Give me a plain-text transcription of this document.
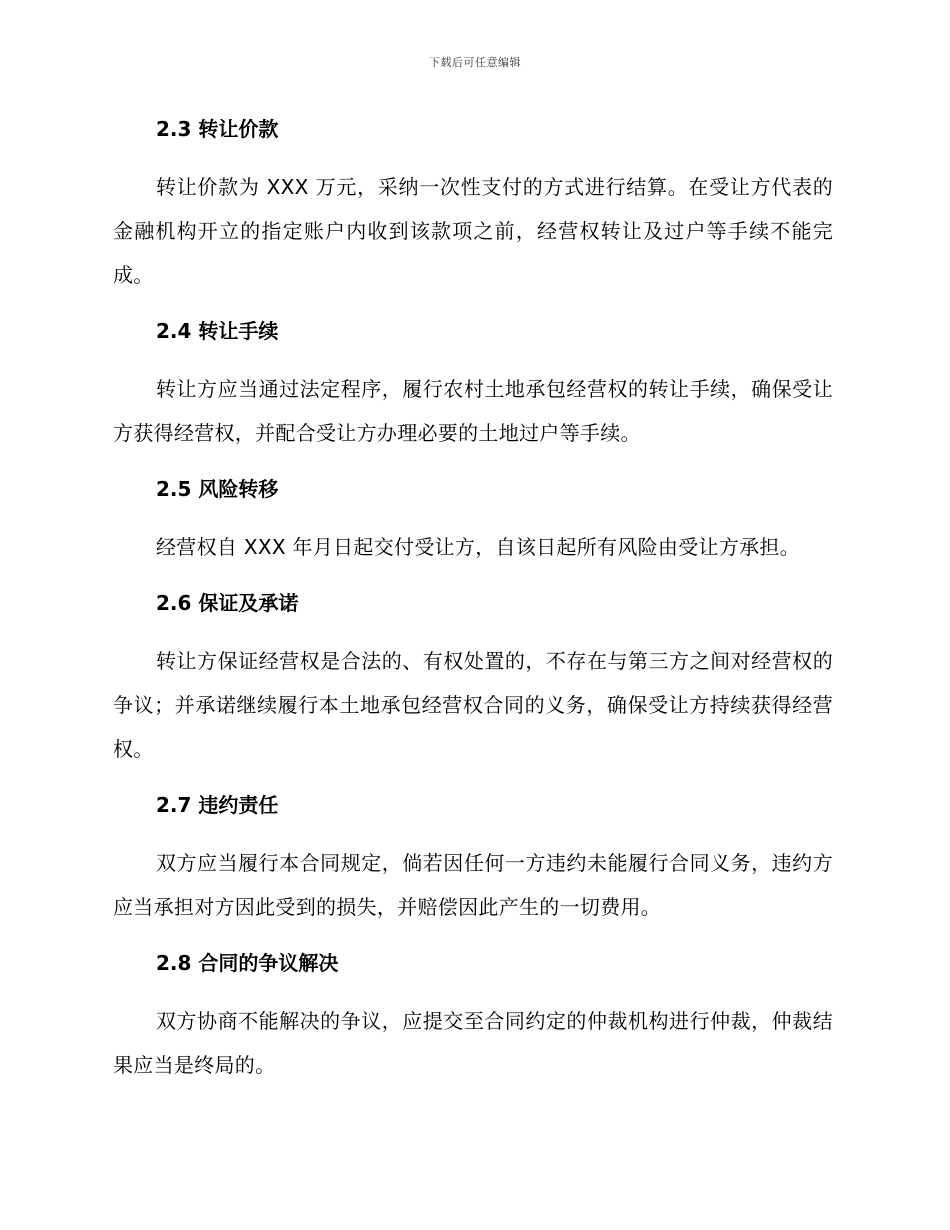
下载后可任意编辑
2.3 转让价款

转让价款为 XXX 万元，采纳一次性支付的方式进行结算。在受让方代表的金融机构开立的指定账户内收到该款项之前，经营权转让及过户等手续不能完成。

2.4 转让手续

转让方应当通过法定程序，履行农村土地承包经营权的转让手续，确保受让方获得经营权，并配合受让方办理必要的土地过户等手续。

2.5 风险转移

经营权自 XXX 年月日起交付受让方，自该日起所有风险由受让方承担。

2.6 保证及承诺

转让方保证经营权是合法的、有权处置的，不存在与第三方之间对经营权的争议；并承诺继续履行本土地承包经营权合同的义务，确保受让方持续获得经营权。

2.7 违约责任

双方应当履行本合同规定，倘若因任何一方违约未能履行合同义务，违约方应当承担对方因此受到的损失，并赔偿因此产生的一切费用。

2.8 合同的争议解决

双方协商不能解决的争议，应提交至合同约定的仲裁机构进行仲裁，仲裁结果应当是终局的。
